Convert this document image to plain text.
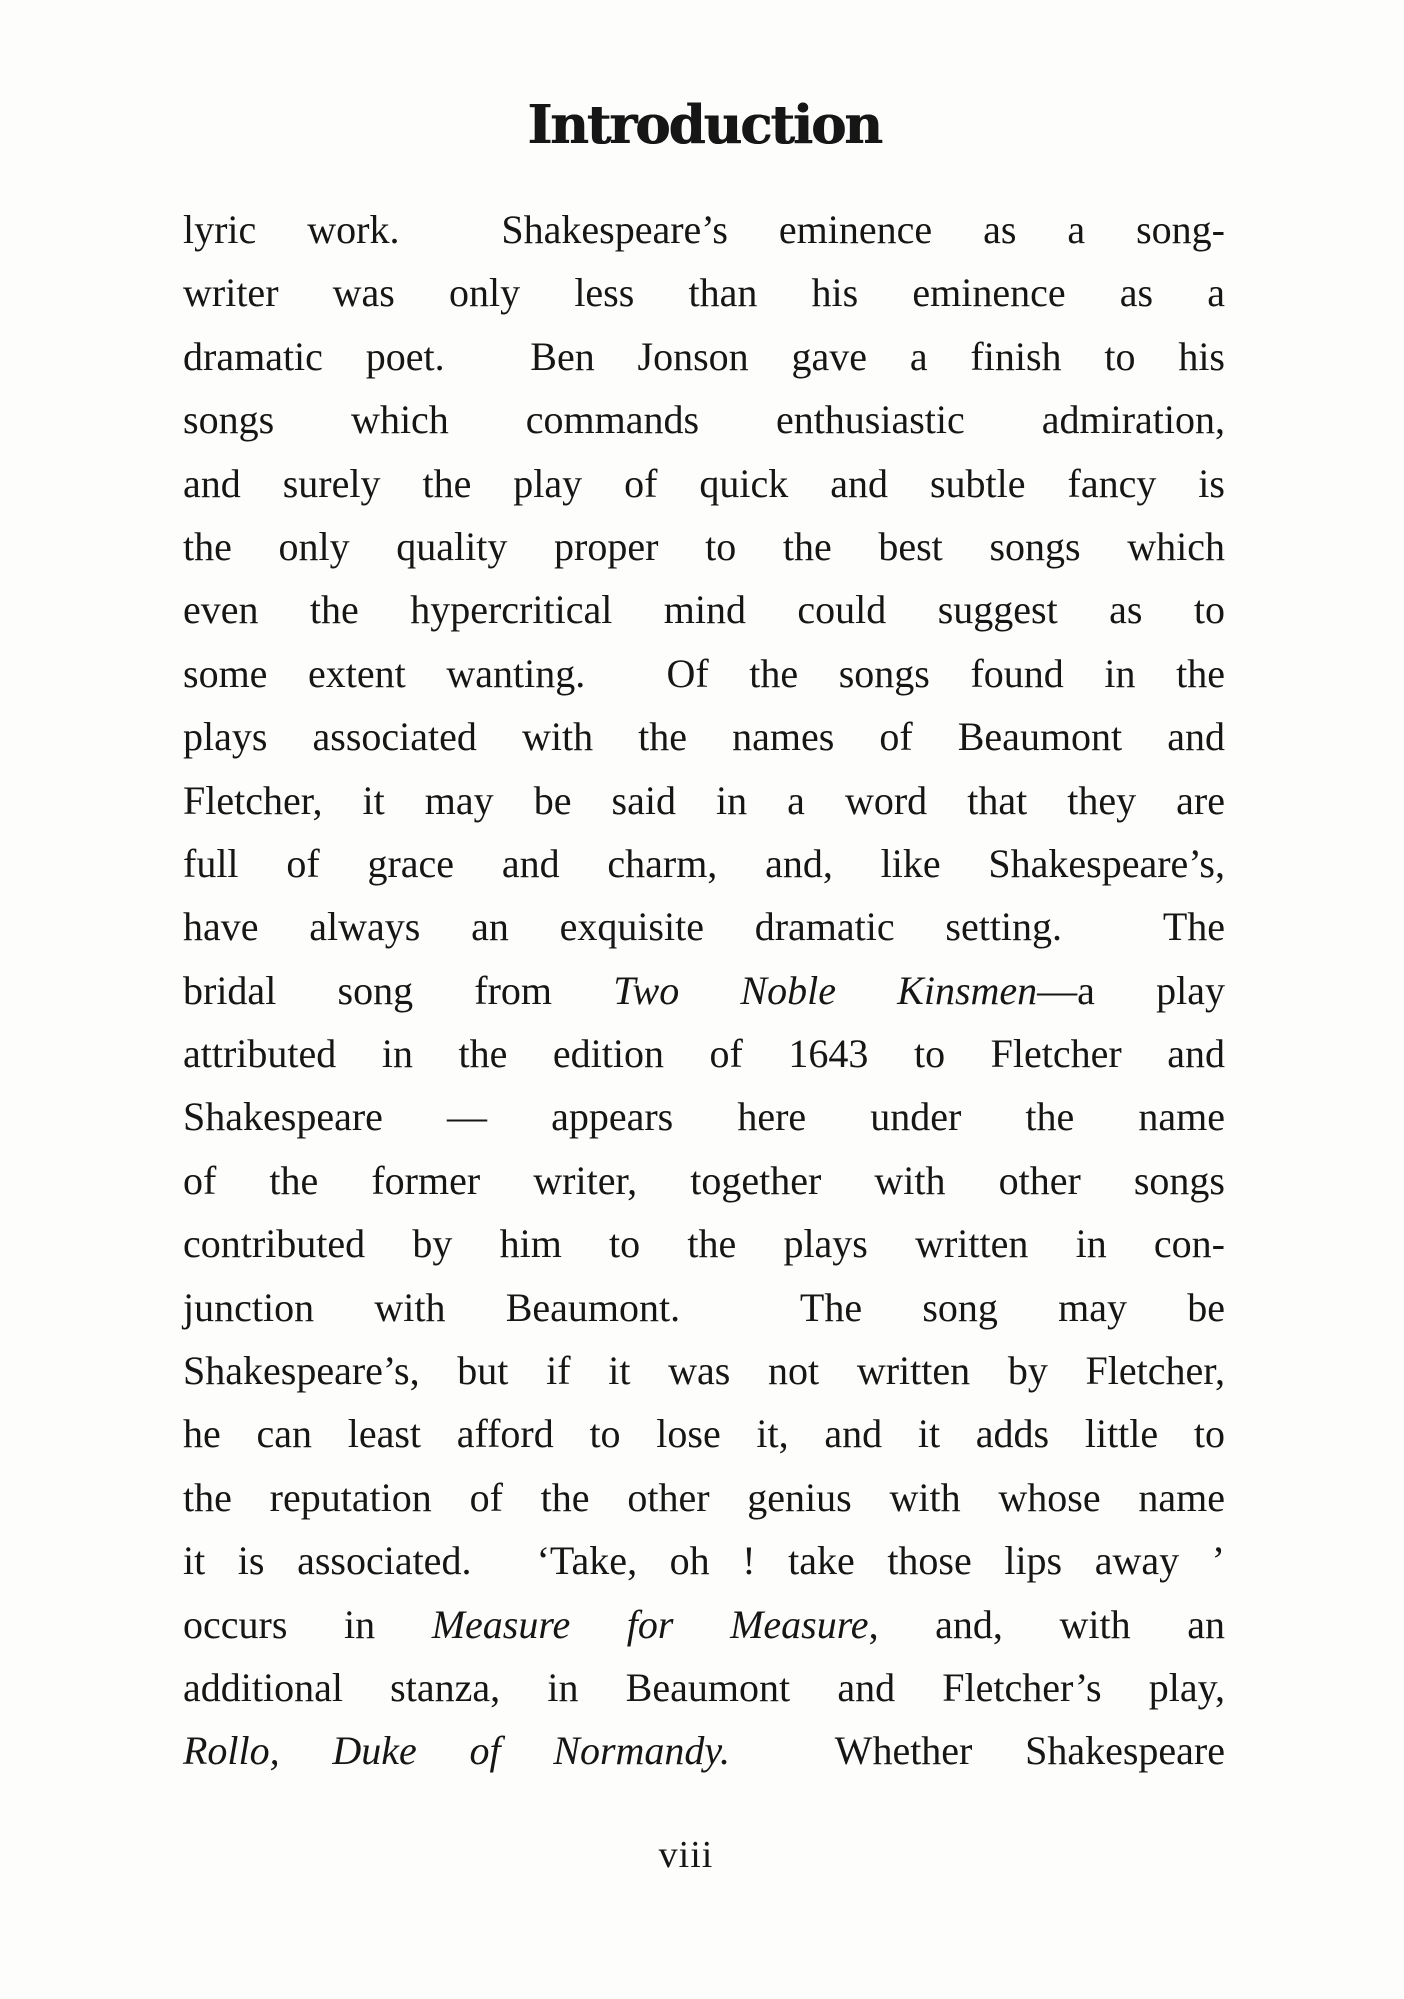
Introduction
lyric work.  Shakespeare’s eminence as a song-
writer was only less than his eminence as a
dramatic poet.  Ben Jonson gave a finish to his
songs which commands enthusiastic admiration,
and surely the play of quick and subtle fancy is
the only quality proper to the best songs which
even the hypercritical mind could suggest as to
some extent wanting.  Of the songs found in the
plays associated with the names of Beaumont and
Fletcher, it may be said in a word that they are
full of grace and charm, and, like Shakespeare’s,
have always an exquisite dramatic setting.  The
bridal song from Two Noble Kinsmen—a play
attributed in the edition of 1643 to Fletcher and
Shakespeare — appears here under the name
of the former writer, together with other songs
contributed by him to the plays written in con-
junction with Beaumont.  The song may be
Shakespeare’s, but if it was not written by Fletcher,
he can least afford to lose it, and it adds little to
the reputation of the other genius with whose name
it is associated.  ‘Take, oh ! take those lips away ’
occurs in Measure for Measure, and, with an
additional stanza, in Beaumont and Fletcher’s play,
Rollo, Duke of Normandy.  Whether Shakespeare
viii
